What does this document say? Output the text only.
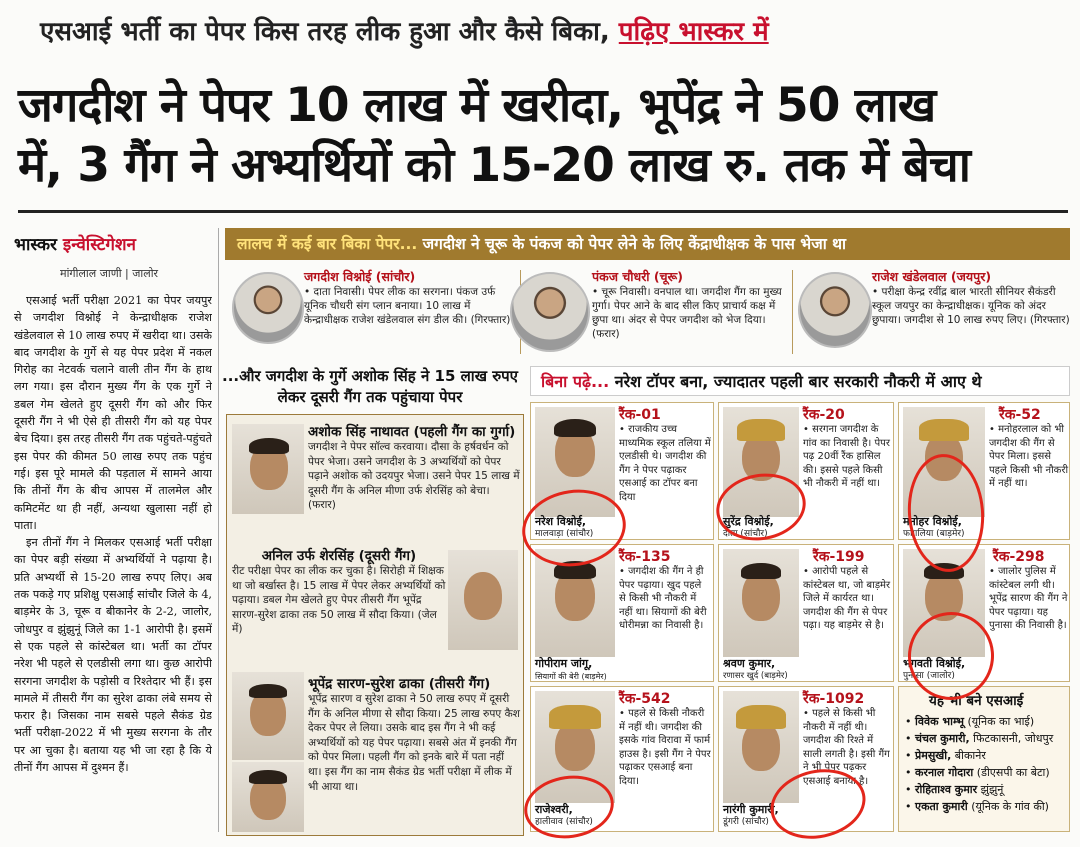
एसआई भर्ती का पेपर किस तरह लीक हुआ और कैसे बिका, पढ़िए भास्कर में
जगदीश ने पेपर 10 लाख में खरीदा, भूपेंद्र ने 50 लाख
में, 3 गैंग ने अभ्यर्थियों को 15-20 लाख रु. तक में बेचा
भास्कर इन्वेस्टिगेशन
मांगीलाल जाणी | जालोर

एसआई भर्ती परीक्षा 2021 का पेपर जयपुर से जगदीश विश्नोई ने केन्द्राधीक्षक राजेश खंडेलवाल से 10 लाख रुपए में खरीदा था। उसके बाद जगदीश के गुर्गे से यह पेपर प्रदेश में नकल गिरोह का नेटवर्क चलाने वाली तीन गैंग के हाथ लग गया। इस दौरान मुख्य गैंग के एक गुर्गे ने डबल गेम खेलते हुए दूसरी गैंग को और फिर दूसरी गैंग ने भी ऐसे ही तीसरी गैंग को यह पेपर बेच दिया। इस तरह तीसरी गैंग तक पहुंचते-पहुंचते इस पेपर की कीमत 50 लाख रुपए तक पहुंच गई। इस पूरे मामले की पड़ताल में सामने आया कि तीनों गैंग के बीच आपस में तालमेल और कमिटमेंट था ही नहीं, अन्यथा खुलासा नहीं हो पाता।

इन तीनों गैंग ने मिलकर एसआई भर्ती परीक्षा का पेपर बड़ी संख्या में अभ्यर्थियों ने पढ़ाया है। प्रति अभ्यर्थी से 15-20 लाख रुपए लिए। अब तक पकड़े गए प्रशिक्षु एसआई सांचौर जिले के 4, बाड़मेर के 3, चूरू व बीकानेर के 2-2, जालोर, जोधपुर व झुंझुनूं जिले का 1-1 आरोपी है। इसमें से एक पहले से कांस्टेबल था। भर्ती का टॉपर नरेश भी पहले से एलडीसी लगा था। कुछ आरोपी सरगना जगदीश के पड़ोसी व रिश्तेदार भी हैं। इस मामले में तीसरी गैंग का सुरेश ढाका लंबे समय से फरार है। जिसका नाम सबसे पहले सैकंड ग्रेड भर्ती परीक्षा-2022 में भी मुख्य सरगना के तौर पर आ चुका है। बताया यह भी जा रहा है कि ये तीनों गैंग आपस में दुश्मन हैं।

लालच में कई बार बिका पेपर... जगदीश ने चूरू के पंकज को पेपर लेने के लिए केंद्राधीक्षक के पास भेजा था
जगदीश विश्नोई (सांचौर)
• दाता निवासी। पेपर लीक का सरगना। पंकज उर्फ यूनिक चौधरी संग प्लान बनाया। 10 लाख में केन्द्राधीक्षक राजेश खंडेलवाल संग डील की। (गिरफ्तार)
पंकज चौधरी (चूरू)
• चूरू निवासी। वनपाल था। जगदीश गैंग का मुख्य गुर्गा। पेपर आने के बाद सील किए प्राचार्य कक्ष में छुपा था। अंदर से पेपर जगदीश को भेज दिया। (फरार)
राजेश खंडेलवाल (जयपुर)
• परीक्षा केन्द्र रवींद्र बाल भारती सीनियर सैकंडरी स्कूल जयपुर का केन्द्राधीक्षक। यूनिक को अंदर छुपाया। जगदीश से 10 लाख रुपए लिए। (गिरफ्तार)
...और जगदीश के गुर्गे अशोक सिंह ने 15 लाख रुपए लेकर दूसरी गैंग तक पहुंचाया पेपर
अशोक सिंह नाथावत (पहली गैंग का गुर्गा)
जगदीश ने पेपर सॉल्व करवाया। दौसा के हर्षवर्धन को पेपर भेजा। उसने जगदीश के 3 अभ्यर्थियों को पेपर पढ़ाने अशोक को उदयपुर भेजा। उसने पेपर 15 लाख में दूसरी गैंग के अनिल मीणा उर्फ शेरसिंह को बेचा। (फरार)
अनिल उर्फ शेरसिंह (दूसरी गैंग)
रीट परीक्षा पेपर का लीक कर चुका है। सिरोही में शिक्षक था जो बर्खास्त है। 15 लाख में पेपर लेकर अभ्यर्थियों को पढ़ाया। डबल गेम खेलते हुए पेपर तीसरी गैंग भूपेंद्र सारण-सुरेश ढाका तक 50 लाख में सौदा किया। (जेल में)
भूपेंद्र सारण-सुरेश ढाका (तीसरी गैंग)
भूपेंद्र सारण व सुरेश ढाका ने 50 लाख रुपए में दूसरी गैंग के अनिल मीणा से सौदा किया। 25 लाख रुपए कैश देकर पेपर ले लिया। उसके बाद इस गैंग ने भी कई अभ्यर्थियों को यह पेपर पढ़ाया। सबसे अंत में इनकी गैंग को पेपर मिला। पहली गैंग को इनके बारे में पता नहीं था। इस गैंग का नाम सैकंड ग्रेड भर्ती परीक्षा में लीक में भी आया था।
बिना पढ़े... नरेश टॉपर बना, ज्यादातर पहली बार सरकारी नौकरी में आए थे
रैंक-01
• राजकीय उच्च माध्यमिक स्कूल तलिया में एलडीसी थे। जगदीश की गैंग ने पेपर पढ़ाकर एसआई का टॉपर बना दिया
नरेश विश्नोई,
मालवाड़ा (सांचौर)
रैंक-20
• सरगना जगदीश के गांव का निवासी है। पेपर पढ़ 20वीं रैंक हासिल की। इससे पहले किसी भी नौकरी में नहीं था।
सुरेंद्र विश्नोई,
दाता (सांचौर)
रैंक-52
• मनोहरलाल को भी जगदीश की गैंग से पेपर मिला। इससे पहले किसी भी नौकरी में नहीं था।
मनोहर विश्नोई,
फागलिया (बाड़मेर)
रैंक-135
• जगदीश की गैंग ने ही पेपर पढ़ाया। खुद पहले से किसी भी नौकरी में नहीं था। सियागों की बेरी धोरीमन्ना का निवासी है।
गोपीराम जांगू,
सियागों की बेरी (बाड़मेर)
रैंक-199
• आरोपी पहले से कांस्टेबल था, जो बाड़मेर जिले में कार्यरत था। जगदीश की गैंग से पेपर पढ़ा। यह बाड़मेर से है।
श्रवण कुमार,
रणासर खुर्द (बाड़मेर)
रैंक-298
• जालोर पुलिस में कांस्टेबल लगी थी। भूपेंद्र सारण की गैंग ने पेपर पढ़ाया। यह पुनासा की निवासी है।
भगवती विश्नोई,
पुनासा (जालोर)
रैंक-542
• पहले से किसी नौकरी में नहीं थी। जगदीश की इसके गांव विरावा में फार्म हाउस है। इसी गैंग ने पेपर पढ़ाकर एसआई बना दिया।
राजेश्वरी,
हालीवाव (सांचौर)
रैंक-1092
• पहले से किसी भी नौकरी में नहीं थी। जगदीश की रिश्ते में साली लगती है। इसी गैंग ने भी पेपर पढ़कर एसआई बनाया है।
नारंगी कुमारी,
डूंगरी (सांचौर)
यह भी बने एसआई
• विवेक भाम्भू (यूनिक का भाई)
• चंचल कुमारी, फिटकासनी, जोधपुर
• प्रेमसुखी, बीकानेर
• करनाल गोदारा (डीएसपी का बेटा)
• रोहिताश्व कुमार झुंझुनूं
• एकता कुमारी (यूनिक के गांव की)
